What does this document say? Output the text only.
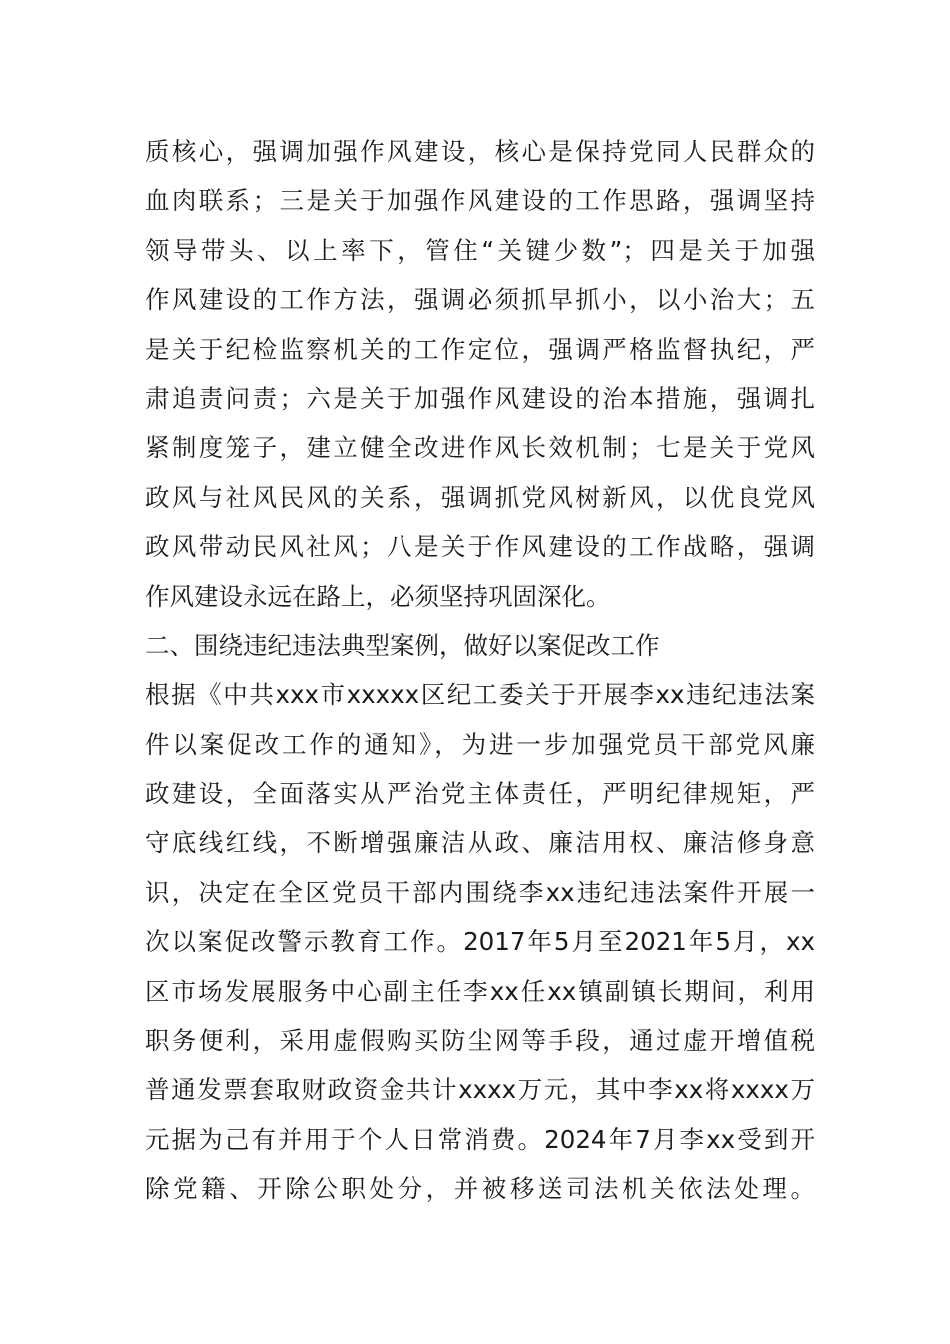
质核心，强调加强作风建设，核心是保持党同人民群众的
血肉联系；三是关于加强作风建设的工作思路，强调坚持
领导带头、以上率下，管住“关键少数”；四是关于加强
作风建设的工作方法，强调必须抓早抓小，以小治大；五
是关于纪检监察机关的工作定位，强调严格监督执纪，严
肃追责问责；六是关于加强作风建设的治本措施，强调扎
紧制度笼子，建立健全改进作风长效机制；七是关于党风
政风与社风民风的关系，强调抓党风树新风，以优良党风
政风带动民风社风；八是关于作风建设的工作战略，强调
作风建设永远在路上，必须坚持巩固深化。
二、围绕违纪违法典型案例，做好以案促改工作
根据《中共xxx市xxxxx区纪工委关于开展李xx违纪违法案
件以案促改工作的通知》，为进一步加强党员干部党风廉
政建设，全面落实从严治党主体责任，严明纪律规矩，严
守底线红线，不断增强廉洁从政、廉洁用权、廉洁修身意
识，决定在全区党员干部内围绕李xx违纪违法案件开展一
次以案促改警示教育工作。2017年5月至2021年5月，xx
区市场发展服务中心副主任李xx任xx镇副镇长期间，利用
职务便利，采用虚假购买防尘网等手段，通过虚开增值税
普通发票套取财政资金共计xxxx万元，其中李xx将xxxx万
元据为己有并用于个人日常消费。2024年7月李xx受到开
除党籍、开除公职处分，并被移送司法机关依法处理。
